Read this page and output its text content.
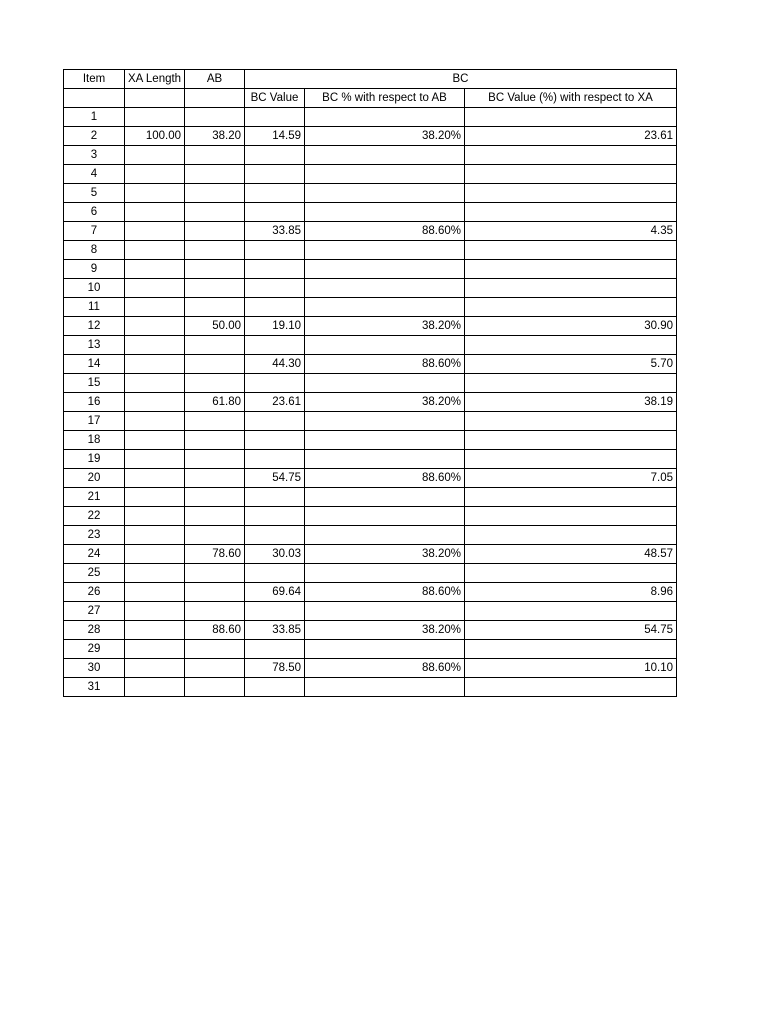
Item	XA Length	AB	BC		
			BC Value	BC % with respect to AB	BC Value (%) with respect to XA
1					
2	100.00	38.20	14.59	38.20%	23.61
3					
4					
5					
6					
7			33.85	88.60%	4.35
8					
9					
10					
11					
12		50.00	19.10	38.20%	30.90
13					
14			44.30	88.60%	5.70
15					
16		61.80	23.61	38.20%	38.19
17					
18					
19					
20			54.75	88.60%	7.05
21					
22					
23					
24		78.60	30.03	38.20%	48.57
25					
26			69.64	88.60%	8.96
27					
28		88.60	33.85	38.20%	54.75
29					
30			78.50	88.60%	10.10
31					
